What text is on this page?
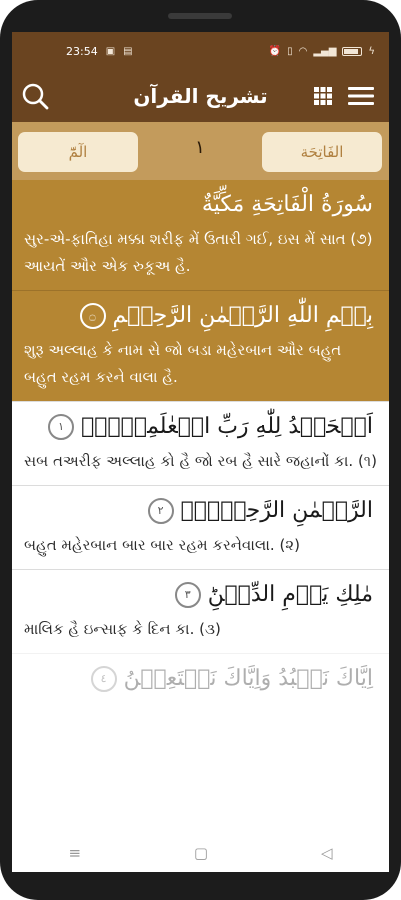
23:54 ▣ ▤	⏰ ▯ ◠ ▂▄▆	ϟ
تشریح القرآن
الٓمّٓ	١	الفَاتِحَة
سُورَةُ الْفَاتِحَةِ مَكِّيَّةٌ
સુર-એ-ફાતિહા મક્કા શરીફ મેં ઉતારી ગઈ, ઇસ મેં સાત (૭) આયતેં ઔર એક રુકૂઅ હૈ.
بِسۡمِ اللّٰهِ الرَّحۡمٰنِ الرَّحِيۡمِ ۝
શુરૂ અલ્લાહ કે નામ સે જો બડા મહેરબાન ઔર બહુત બહુત રહમ કરને વાલા હૈ.
اَلۡحَمۡدُ لِلّٰهِ رَبِّ الۡعٰلَمِيۡنَۙ ١
સબ તઅરીફ અલ્લાહ કો હૈ જો રબ હૈ સારે જહાનોં કા. (૧)
الرَّحۡمٰنِ الرَّحِيۡمِۙ ٢
બહુત મહેરબાન બાર બાર રહમ કરનેવાલા. (૨)
مٰلِكِ يَوۡمِ الدِّيۡنِؕ ٣
માલિક હૈ ઇન્સાફ કે દિન કા. (૩)
اِيَّاكَ نَعۡبُدُ وَاِيَّاكَ نَسۡتَعِيۡنُ ٤
≡	▢	◁
